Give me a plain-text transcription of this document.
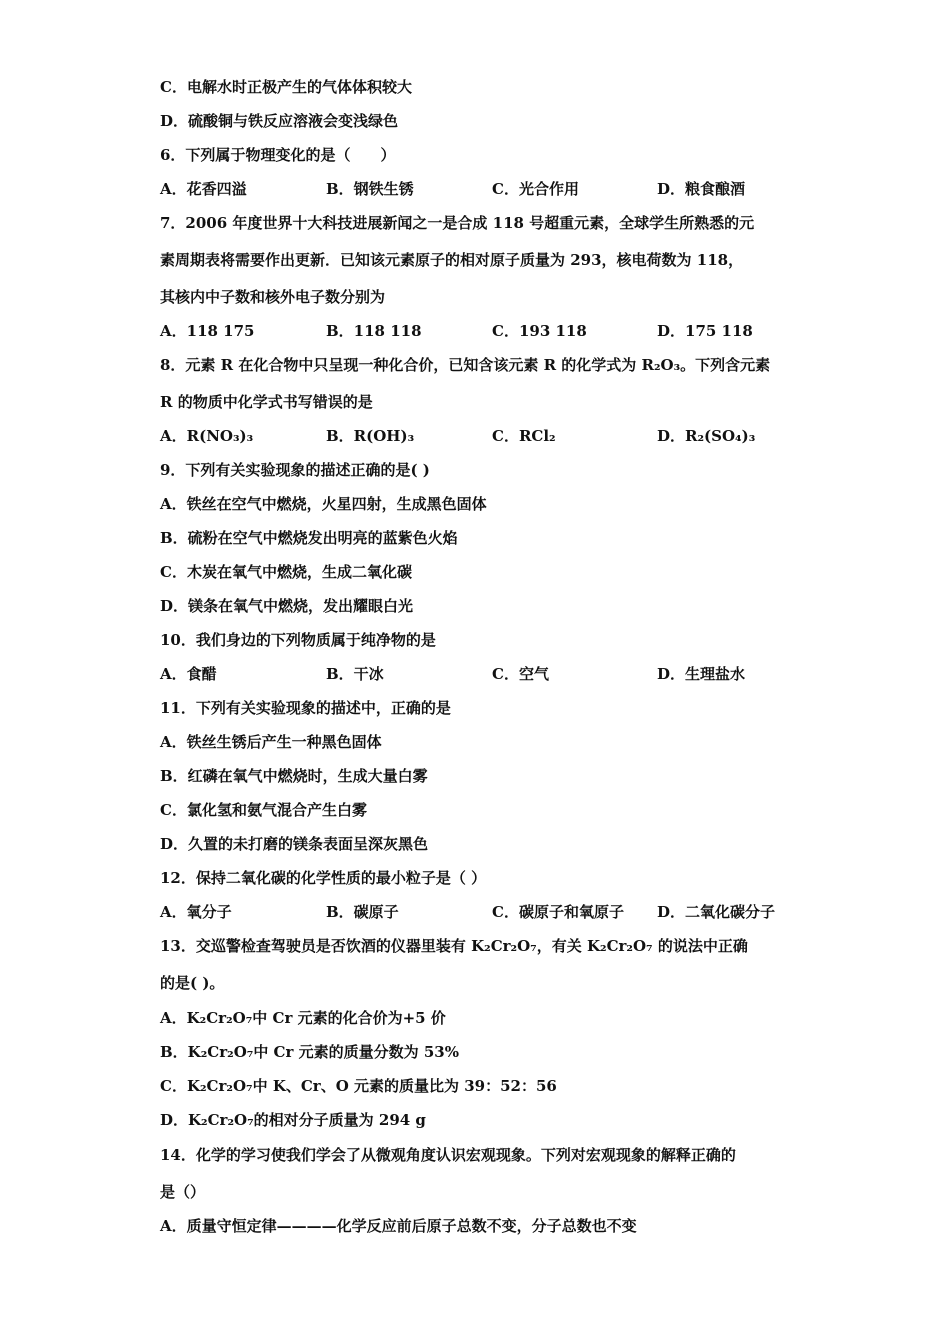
C．电解水时正极产生的气体体积较大
D．硫酸铜与铁反应溶液会变浅绿色
6．下列属于物理变化的是（　　）
A．花香四溢	B．钢铁生锈	C．光合作用	D．粮食酿酒
7．2006 年度世界十大科技进展新闻之一是合成 118 号超重元素，全球学生所熟悉的元
素周期表将需要作出更新．已知该元素原子的相对原子质量为 293，核电荷数为 118，
其核内中子数和核外电子数分别为
A．118 175	B．118 118	C．193 118	D．175 118
8．元素 R 在化合物中只呈现一种化合价，已知含该元素 R 的化学式为 R₂O₃。下列含元素
R 的物质中化学式书写错误的是
A．R(NO₃)₃	B．R(OH)₃	C．RCl₂	D．R₂(SO₄)₃
9．下列有关实验现象的描述正确的是( )
A．铁丝在空气中燃烧，火星四射，生成黑色固体
B．硫粉在空气中燃烧发出明亮的蓝紫色火焰
C．木炭在氧气中燃烧，生成二氧化碳
D．镁条在氧气中燃烧，发出耀眼白光
10．我们身边的下列物质属于纯净物的是
A．食醋	B．干冰	C．空气	D．生理盐水
11．下列有关实验现象的描述中，正确的是
A．铁丝生锈后产生一种黑色固体
B．红磷在氧气中燃烧时，生成大量白雾
C．氯化氢和氨气混合产生白雾
D．久置的未打磨的镁条表面呈深灰黑色
12．保持二氧化碳的化学性质的最小粒子是（ ）
A．氧分子	B．碳原子	C．碳原子和氧原子	D．二氧化碳分子
13．交巡警检查驾驶员是否饮酒的仪器里装有 K₂Cr₂O₇，有关 K₂Cr₂O₇ 的说法中正确
的是( )。
A．K₂Cr₂O₇中 Cr 元素的化合价为+5 价
B．K₂Cr₂O₇中 Cr 元素的质量分数为 53%
C．K₂Cr₂O₇中 K、Cr、O 元素的质量比为 39：52：56
D．K₂Cr₂O₇的相对分子质量为 294 g
14．化学的学习使我们学会了从微观角度认识宏观现象。下列对宏观现象的解释正确的
是（）
A．质量守恒定律————化学反应前后原子总数不变，分子总数也不变
